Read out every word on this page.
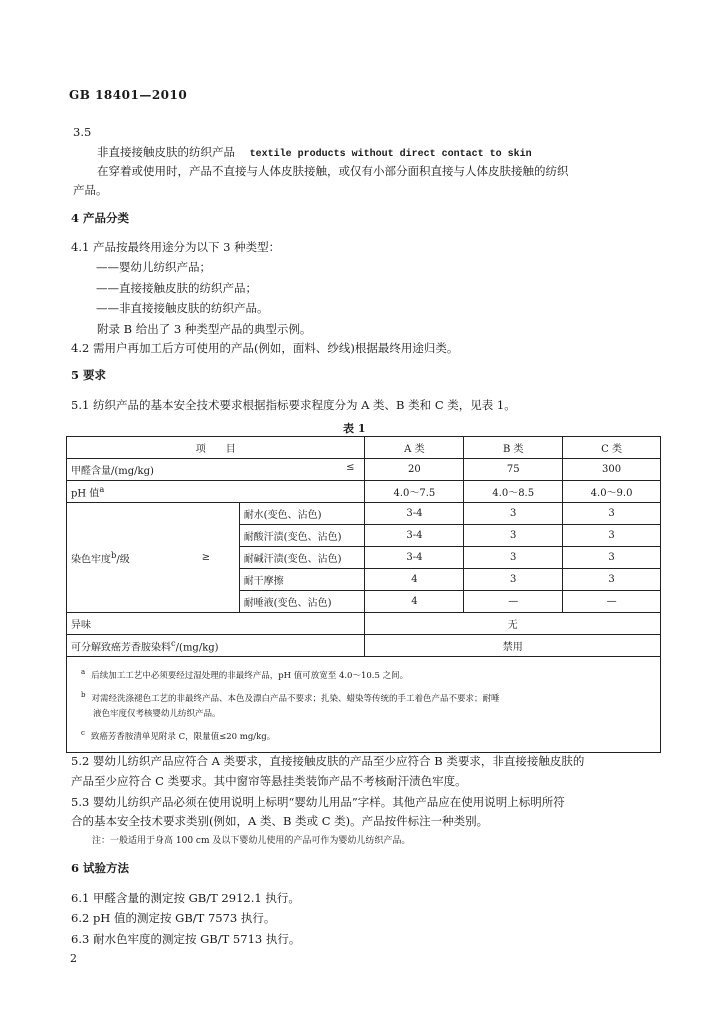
GB 18401—2010
3.5
非直接接触皮肤的纺织产品 textile products without direct contact to skin
在穿着或使用时，产品不直接与人体皮肤接触，或仅有小部分面积直接与人体皮肤接触的纺织
产品。
4 产品分类
4.1 产品按最终用途分为以下 3 种类型：
——婴幼儿纺织产品；
——直接接触皮肤的纺织产品；
——非直接接触皮肤的纺织产品。
附录 B 给出了 3 种类型产品的典型示例。
4.2 需用户再加工后方可使用的产品(例如，面料、纱线)根据最终用途归类。
5 要求
5.1 纺织产品的基本安全技术要求根据指标要求程度分为 A 类、B 类和 C 类，见表 1。
表 1
项　　目			A 类	B 类	C 类
甲醛含量/(mg/kg) ≤			20	75	300
pH 值$^a$			4.0～7.5	4.0～8.5	4.0～9.0
染色牢度$^b$/级	≥	耐水(变色、沾色)	3-4	3	3
		耐酸汗渍(变色、沾色)	3-4	3	3
		耐碱汗渍(变色、沾色)	3-4	3	3
		耐干摩擦	4	3	3
		耐唾液(变色、沾色)	4	—	—
异味			无		
可分解致癌芳香胺染料$^c$/(mg/kg)			禁用		

$^a$ 后续加工工艺中必须要经过湿处理的非最终产品，pH 值可放宽至 4.0～10.5 之间。
$^b$ 对需经洗涤褪色工艺的非最终产品、本色及漂白产品不要求；扎染、蜡染等传统的手工着色产品不要求；耐唾
液色牢度仅考核婴幼儿纺织产品。
$^c$ 致癌芳香胺清单见附录 C，限量值≤20 mg/kg。					
5.2 婴幼儿纺织产品应符合 A 类要求，直接接触皮肤的产品至少应符合 B 类要求，非直接接触皮肤的
产品至少应符合 C 类要求。其中窗帘等悬挂类装饰产品不考核耐汗渍色牢度。
5.3 婴幼儿纺织产品必须在使用说明上标明“婴幼儿用品”字样。其他产品应在使用说明上标明所符
合的基本安全技术要求类别(例如，A 类、B 类或 C 类)。产品按件标注一种类别。
注：一般适用于身高 100 cm 及以下婴幼儿使用的产品可作为婴幼儿纺织产品。
6 试验方法
6.1 甲醛含量的测定按 GB/T 2912.1 执行。
6.2 pH 值的测定按 GB/T 7573 执行。
6.3 耐水色牢度的测定按 GB/T 5713 执行。
2
